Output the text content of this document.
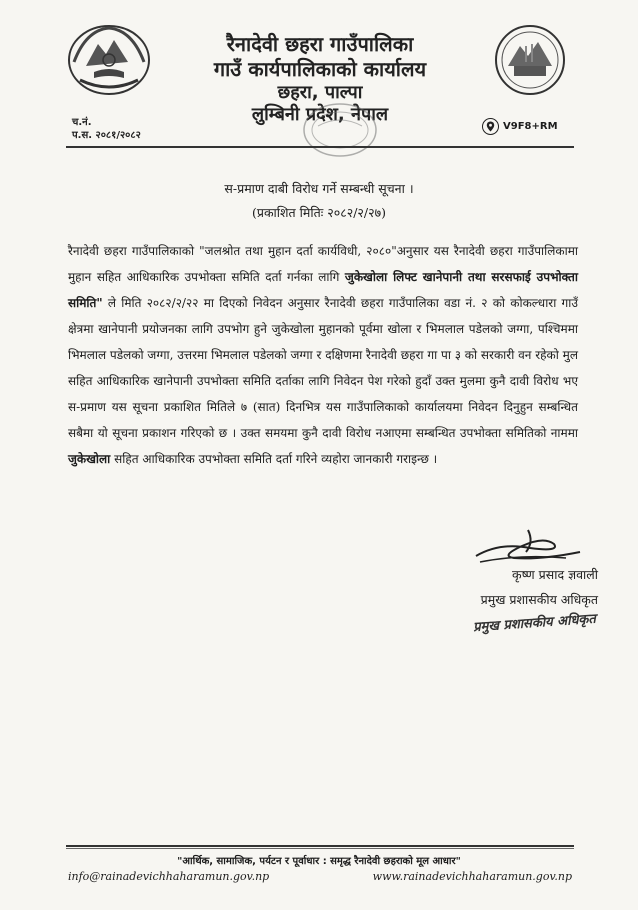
रैनादेवी छहरा गाउँपालिका
गाउँ कार्यपालिकाको कार्यालय
छहरा, पाल्पा
लुम्बिनी प्रदेश, नेपाल
च.नं.
प.स. २०८१/२०८२
V9F8+RM
स-प्रमाण दाबी विरोध गर्ने सम्बन्धी सूचना ।
(प्रकाशित मितिः २०८२/२/२७)
रैनादेवी छहरा गाउँपालिकाको "जलश्रोत तथा मुहान दर्ता कार्यविधी, २०८०"अनुसार यस रैनादेवी छहरा गाउँपालिकामा मुहान सहित आधिकारिक उपभोक्ता समिति दर्ता गर्नका लागि जुकेखोला लिफ्ट खानेपानी तथा सरसफाई उपभोक्ता समिति" ले मिति २०८२/२/२२ मा दिएको निवेदन अनुसार रैनादेवी छहरा गाउँपालिका वडा नं. २ को कोकल्धारा गाउँ क्षेत्रमा खानेपानी प्रयोजनका लागि उपभोग हुने जुकेखोला मुहानको पूर्वमा खोला र भिमलाल पडेलको जग्गा, पश्चिममा भिमलाल पडेलको जग्गा, उत्तरमा भिमलाल पडेलको जग्गा र दक्षिणमा रैनादेवी छहरा गा पा ३ को सरकारी वन रहेको मुल सहित आधिकारिक खानेपानी उपभोक्ता समिति दर्ताका लागि निवेदन पेश गरेको हुदाँ उक्त मुलमा कुनै दावी विरोध भए स-प्रमाण यस सूचना प्रकाशित मितिले ७ (सात) दिनभित्र यस गाउँपालिकाको कार्यालयमा निवेदन दिनुहुन सम्बन्धित सबैमा यो सूचना प्रकाशन गरिएको छ । उक्त समयमा कुनै दावी विरोध नआएमा सम्बन्धित उपभोक्ता समितिको नाममा जुकेखोला सहित आधिकारिक उपभोक्ता समिति दर्ता गरिने व्यहोरा जानकारी गराइन्छ ।
कृष्ण प्रसाद ज्ञवाली
प्रमुख प्रशासकीय अधिकृत
प्रमुख प्रशासकीय अधिकृत
"आर्थिक, सामाजिक, पर्यटन र पूर्वाधार : समृद्ध रैनादेवी छहराको मूल आधार"
info@rainadevichhaharamun.gov.np	www.rainadevichhaharamun.gov.np
